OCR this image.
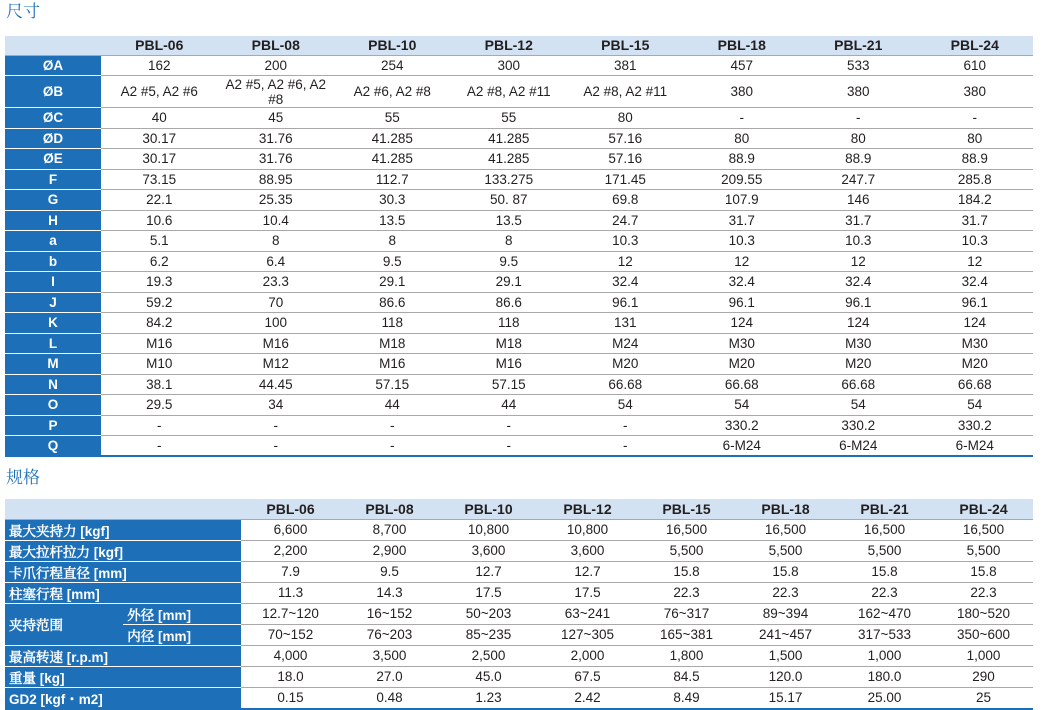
尺寸
	PBL-06	PBL-08	PBL-10	PBL-12	PBL-15	PBL-18	PBL-21	PBL-24
ØA	162	200	254	300	381	457	533	610
ØB	A2 #5, A2 #6	A2 #5, A2 #6, A2 #8	A2 #6, A2 #8	A2 #8, A2 #11	A2 #8, A2 #11	380	380	380
ØC	40	45	55	55	80	-	-	-
ØD	30.17	31.76	41.285	41.285	57.16	80	80	80
ØE	30.17	31.76	41.285	41.285	57.16	88.9	88.9	88.9
F	73.15	88.95	112.7	133.275	171.45	209.55	247.7	285.8
G	22.1	25.35	30.3	50. 87	69.8	107.9	146	184.2
H	10.6	10.4	13.5	13.5	24.7	31.7	31.7	31.7
a	5.1	8	8	8	10.3	10.3	10.3	10.3
b	6.2	6.4	9.5	9.5	12	12	12	12
I	19.3	23.3	29.1	29.1	32.4	32.4	32.4	32.4
J	59.2	70	86.6	86.6	96.1	96.1	96.1	96.1
K	84.2	100	118	118	131	124	124	124
L	M16	M16	M18	M18	M24	M30	M30	M30
M	M10	M12	M16	M16	M20	M20	M20	M20
N	38.1	44.45	57.15	57.15	66.68	66.68	66.68	66.68
O	29.5	34	44	44	54	54	54	54
P	-	-	-	-	-	330.2	330.2	330.2
Q	-	-	-	-	-	6-M24	6-M24	6-M24
规格
		PBL-06	PBL-08	PBL-10	PBL-12	PBL-15	PBL-18	PBL-21	PBL-24
最大夹持力 [kgf]		6,600	8,700	10,800	10,800	16,500	16,500	16,500	16,500
最大拉杆拉力 [kgf]		2,200	2,900	3,600	3,600	5,500	5,500	5,500	5,500
卡爪行程直径 [mm]		7.9	9.5	12.7	12.7	15.8	15.8	15.8	15.8
柱塞行程 [mm]		11.3	14.3	17.5	17.5	22.3	22.3	22.3	22.3
夹持范围	外径 [mm]	12.7~120	16~152	50~203	63~241	76~317	89~394	162~470	180~520
	内径 [mm]	70~152	76~203	85~235	127~305	165~381	241~457	317~533	350~600
最高转速 [r.p.m]		4,000	3,500	2,500	2,000	1,800	1,500	1,000	1,000
重量 [kg]		18.0	27.0	45.0	67.5	84.5	120.0	180.0	290
GD2 [kgf・m2]		0.15	0.48	1.23	2.42	8.49	15.17	25.00	25
